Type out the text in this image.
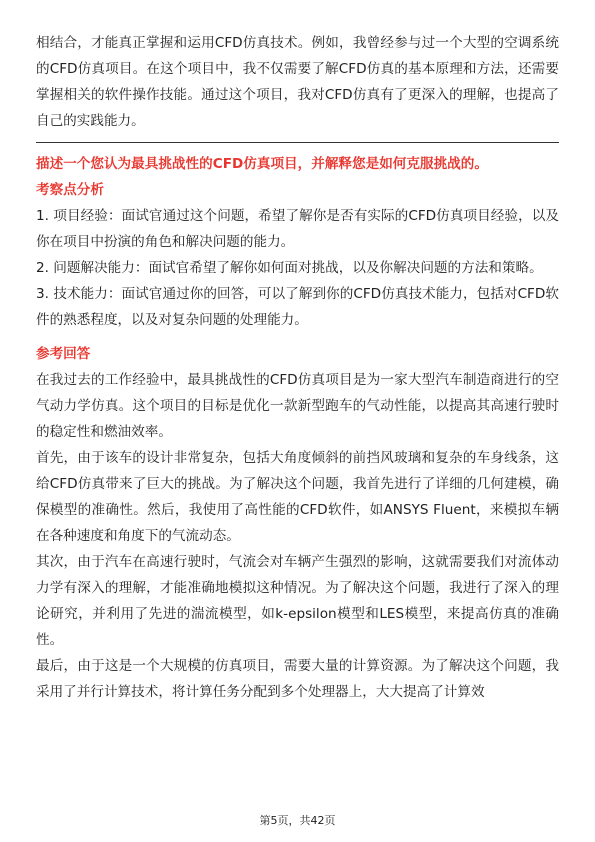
相结合，才能真正掌握和运用CFD仿真技术。例如，我曾经参与过一个大型的空调系统的CFD仿真项目。在这个项目中，我不仅需要了解CFD仿真的基本原理和方法，还需要掌握相关的软件操作技能。通过这个项目，我对CFD仿真有了更深入的理解，也提高了自己的实践能力。

描述一个您认为最具挑战性的CFD仿真项目，并解释您是如何克服挑战的。
考察点分析

1. 项目经验：面试官通过这个问题，希望了解你是否有实际的CFD仿真项目经验，以及你在项目中扮演的角色和解决问题的能力。

2. 问题解决能力：面试官希望了解你如何面对挑战，以及你解决问题的方法和策略。

3. 技术能力：面试官通过你的回答，可以了解到你的CFD仿真技术能力，包括对CFD软件的熟悉程度，以及对复杂问题的处理能力。

参考回答

在我过去的工作经验中，最具挑战性的CFD仿真项目是为一家大型汽车制造商进行的空气动力学仿真。这个项目的目标是优化一款新型跑车的气动性能，以提高其高速行驶时的稳定性和燃油效率。

首先，由于该车的设计非常复杂，包括大角度倾斜的前挡风玻璃和复杂的车身线条，这给CFD仿真带来了巨大的挑战。为了解决这个问题，我首先进行了详细的几何建模，确保模型的准确性。然后，我使用了高性能的CFD软件，如ANSYS Fluent，来模拟车辆在各种速度和角度下的气流动态。

其次，由于汽车在高速行驶时，气流会对车辆产生强烈的影响，这就需要我们对流体动力学有深入的理解，才能准确地模拟这种情况。为了解决这个问题，我进行了深入的理论研究，并利用了先进的湍流模型，如k-epsilon模型和LES模型，来提高仿真的准确性。

最后，由于这是一个大规模的仿真项目，需要大量的计算资源。为了解决这个问题，我采用了并行计算技术，将计算任务分配到多个处理器上，大大提高了计算效

第5页，共42页
